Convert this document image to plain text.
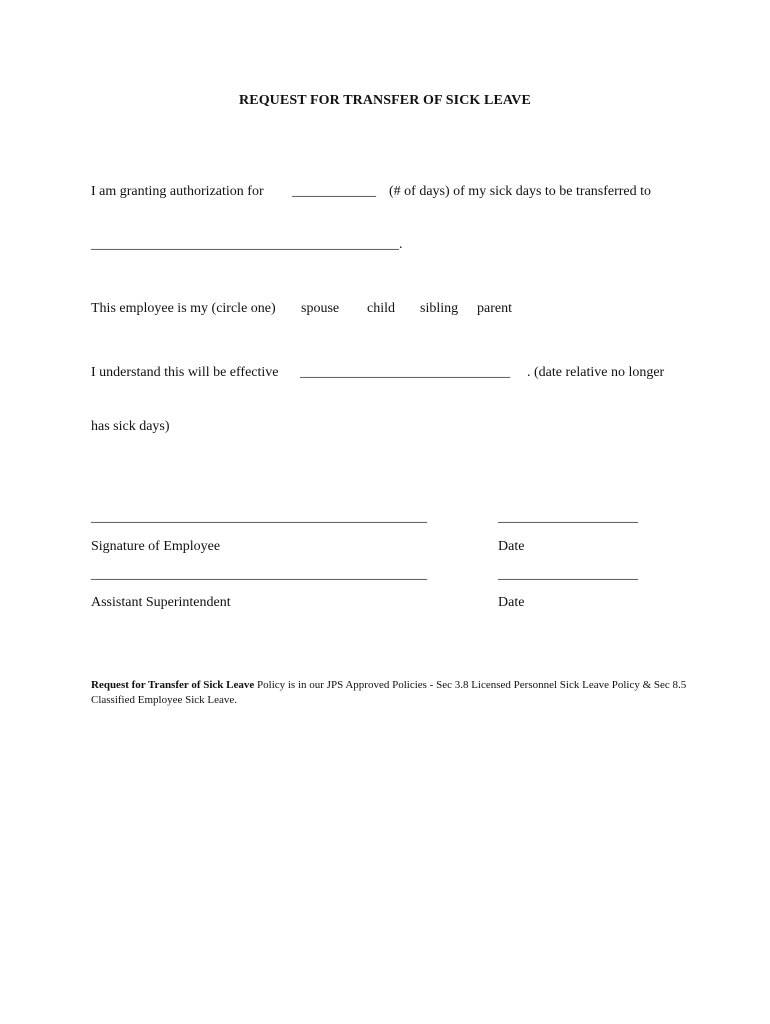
REQUEST FOR TRANSFER OF SICK LEAVE
I am granting authorization for ____________ (# of days) of my sick days to be transferred to
____________________________________________.
This employee is my (circle one) spouse child sibling parent
I understand this will be effective ______________________________ . (date relative no longer
has sick days)
________________________________________________	____________________
Signature of Employee	Date
________________________________________________	____________________
Assistant Superintendent	Date
Request for Transfer of Sick Leave Policy is in our JPS Approved Policies - Sec 3.8 Licensed Personnel Sick Leave Policy & Sec 8.5 Classified Employee Sick Leave.
